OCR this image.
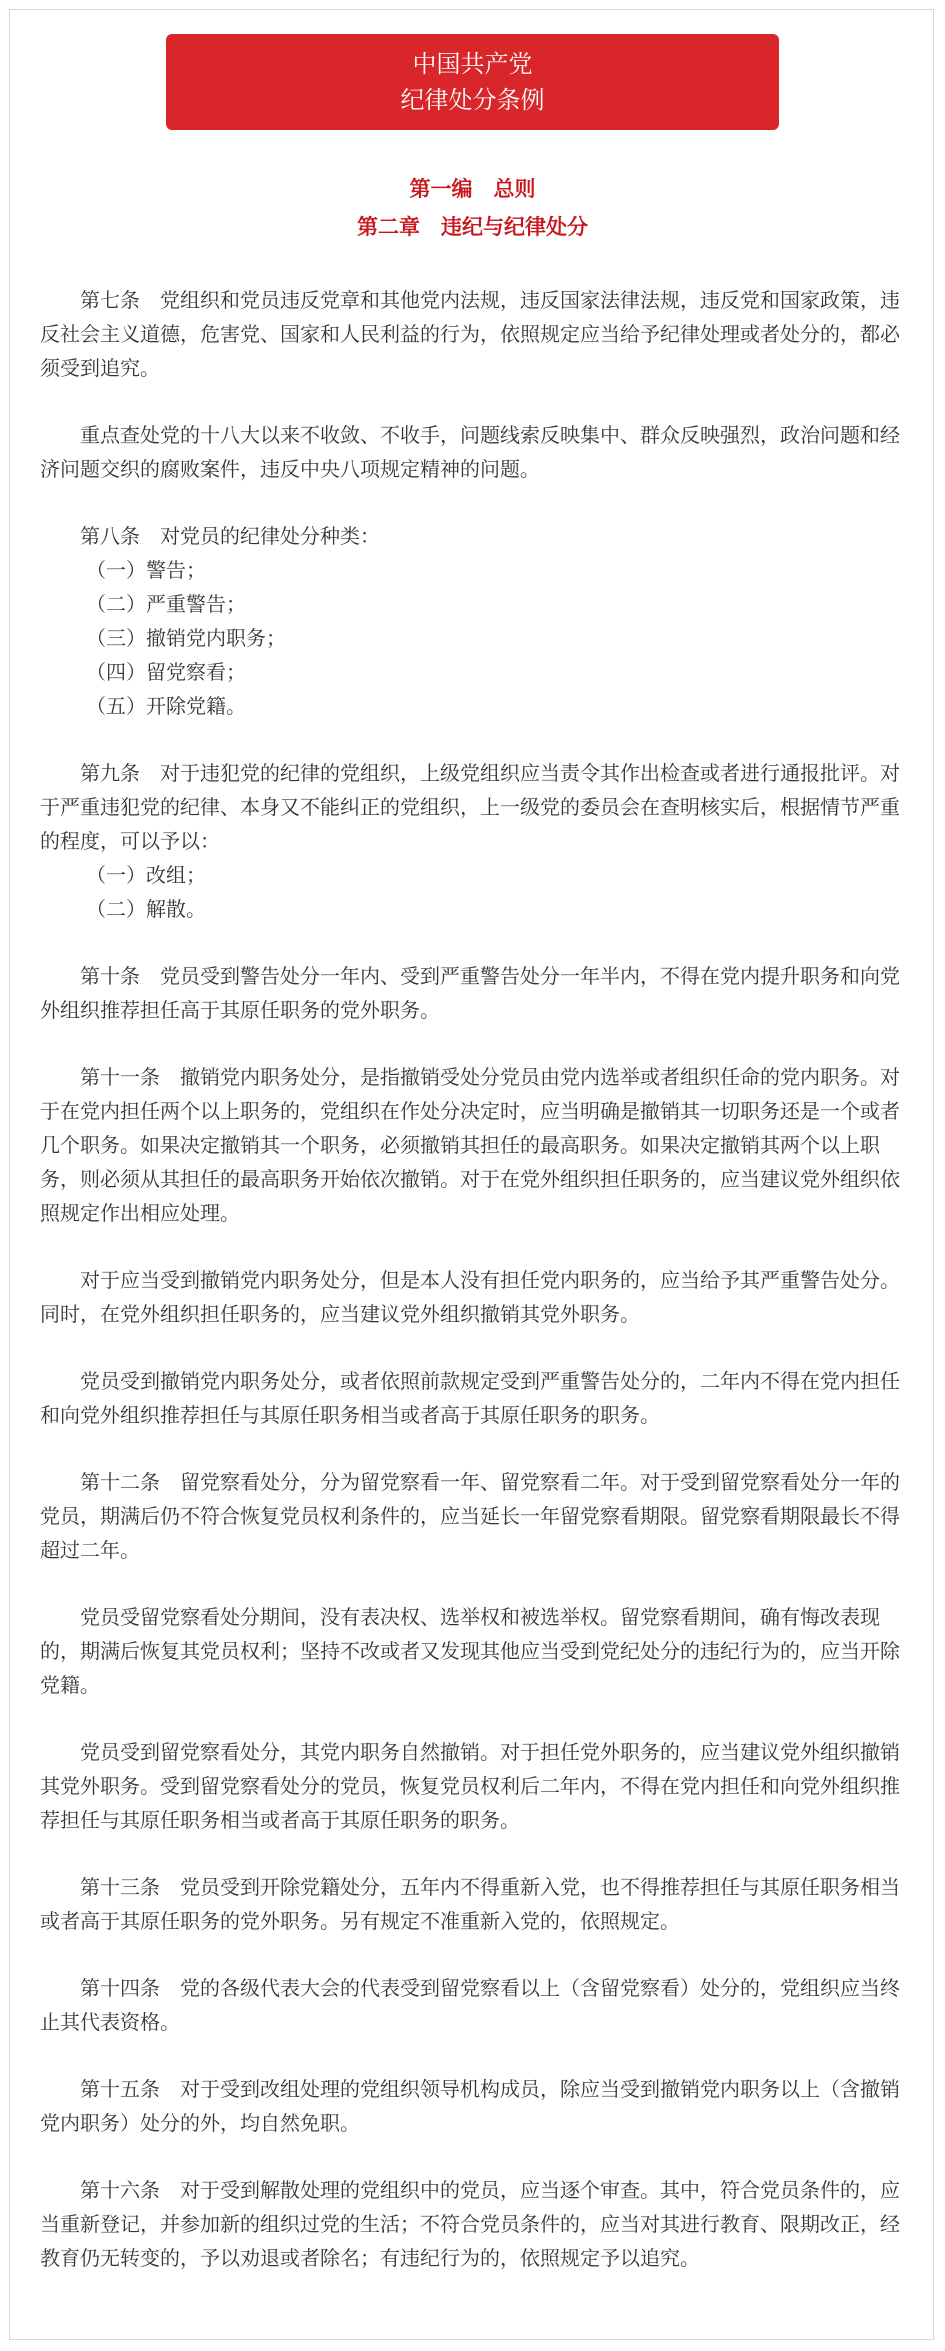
中国共产党
纪律处分条例
第一编　总则
第二章　违纪与纪律处分

第七条　党组织和党员违反党章和其他党内法规，违反国家法律法规，违反党和国家政策，违反社会主义道德，危害党、国家和人民利益的行为，依照规定应当给予纪律处理或者处分的，都必须受到追究。

重点查处党的十八大以来不收敛、不收手，问题线索反映集中、群众反映强烈，政治问题和经济问题交织的腐败案件，违反中央八项规定精神的问题。

第八条　对党员的纪律处分种类：

（一）警告；
（二）严重警告；
（三）撤销党内职务；
（四）留党察看；
（五）开除党籍。

第九条　对于违犯党的纪律的党组织，上级党组织应当责令其作出检查或者进行通报批评。对于严重违犯党的纪律、本身又不能纠正的党组织，上一级党的委员会在查明核实后，根据情节严重的程度，可以予以：

（一）改组；
（二）解散。

第十条　党员受到警告处分一年内、受到严重警告处分一年半内，不得在党内提升职务和向党外组织推荐担任高于其原任职务的党外职务。

第十一条　撤销党内职务处分，是指撤销受处分党员由党内选举或者组织任命的党内职务。对于在党内担任两个以上职务的，党组织在作处分决定时，应当明确是撤销其一切职务还是一个或者几个职务。如果决定撤销其一个职务，必须撤销其担任的最高职务。如果决定撤销其两个以上职务，则必须从其担任的最高职务开始依次撤销。对于在党外组织担任职务的，应当建议党外组织依照规定作出相应处理。

对于应当受到撤销党内职务处分，但是本人没有担任党内职务的，应当给予其严重警告处分。同时，在党外组织担任职务的，应当建议党外组织撤销其党外职务。

党员受到撤销党内职务处分，或者依照前款规定受到严重警告处分的，二年内不得在党内担任和向党外组织推荐担任与其原任职务相当或者高于其原任职务的职务。

第十二条　留党察看处分，分为留党察看一年、留党察看二年。对于受到留党察看处分一年的党员，期满后仍不符合恢复党员权利条件的，应当延长一年留党察看期限。留党察看期限最长不得超过二年。

党员受留党察看处分期间，没有表决权、选举权和被选举权。留党察看期间，确有悔改表现的，期满后恢复其党员权利；坚持不改或者又发现其他应当受到党纪处分的违纪行为的，应当开除党籍。

党员受到留党察看处分，其党内职务自然撤销。对于担任党外职务的，应当建议党外组织撤销其党外职务。受到留党察看处分的党员，恢复党员权利后二年内，不得在党内担任和向党外组织推荐担任与其原任职务相当或者高于其原任职务的职务。

第十三条　党员受到开除党籍处分，五年内不得重新入党，也不得推荐担任与其原任职务相当或者高于其原任职务的党外职务。另有规定不准重新入党的，依照规定。

第十四条　党的各级代表大会的代表受到留党察看以上（含留党察看）处分的，党组织应当终止其代表资格。

第十五条　对于受到改组处理的党组织领导机构成员，除应当受到撤销党内职务以上（含撤销党内职务）处分的外，均自然免职。

第十六条　对于受到解散处理的党组织中的党员，应当逐个审查。其中，符合党员条件的，应当重新登记，并参加新的组织过党的生活；不符合党员条件的，应当对其进行教育、限期改正，经教育仍无转变的，予以劝退或者除名；有违纪行为的，依照规定予以追究。
